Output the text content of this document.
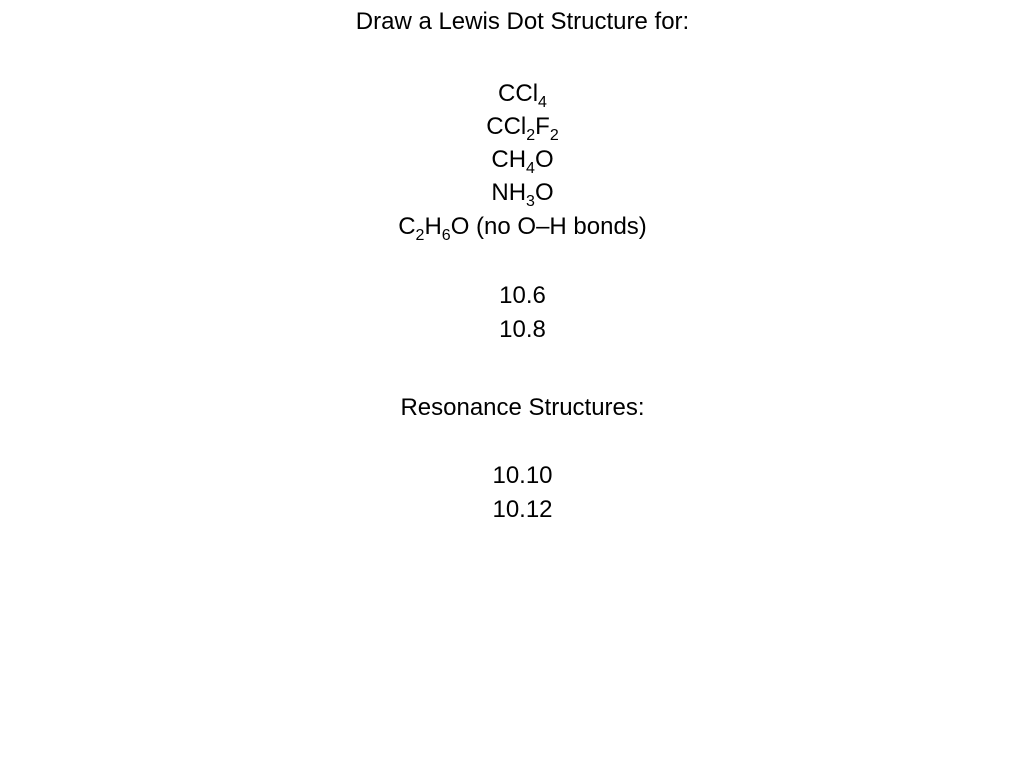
Draw a Lewis Dot Structure for:
CCl$_4$
$CCl_2F_2$
$CH_4O$
$NH_3O$
$C_2H_6O$ (no O–H bonds)
10.6
10.8
Resonance Structures:
10.10
10.12
